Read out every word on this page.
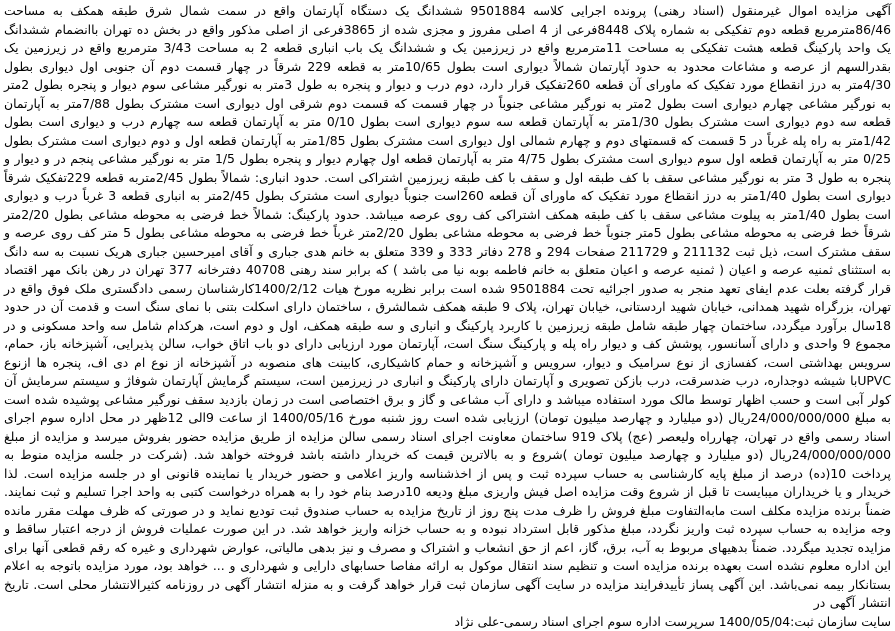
آگهی مزایده اموال غیرمنقول (اسناد رهنی) پرونده اجرایی کلاسه 9501884 ششدانگ یک دستگاه آپارتمان واقع در سمت شمال شرق طبقه همکف به مساحت 86/46مترمربع قطعه دوم تفکیکی به شماره پلاک 8448فرعی از 4 اصلی مفروز و مجزی شده از 3865فرعی از اصلی مذکور واقع در بخش ده تهران باانضمام ششدانگ یک واحد پارکینگ قطعه هشت تفکیکی به مساحت 11مترمربع واقع در زیرزمین یک و ششدانگ یک باب انباری قطعه 2 به مساحت 3/43 مترمربع واقع در زیرزمین یک بقدرالسهم از عرصه و مشاعات محدود به حدود آپارتمان شمالاً دیواری است بطول 10/65متر به قطعه 229 شرقاً در چهار قسمت دوم آن جنوبی اول دیواری بطول 4/30متر به درز انقطاع مورد تفکیک که ماورای آن قطعه 260تفکیک قرار دارد، دوم درب و دیوار و پنجره به طول 3متر به نورگیر مشاعی سوم دیوار و پنجره بطول 2متر به نورگیر مشاعی چهارم دیواری است بطول 2متر به نورگیر مشاعی جنوباً در چهار قسمت که قسمت دوم شرقی اول دیواری است مشترک بطول 7/88متر به آپارتمان قطعه سه دوم دیواری است مشترک بطول 1/30متر به آپارتمان قطعه سه سوم دیواری است بطول 0/10 متر به آپارتمان قطعه سه چهارم درب و دیواری است بطول 1/42متر به راه پله غرباً در 5 قسمت که قسمتهای دوم و چهارم شمالی اول دیواری است مشترک بطول 1/85متر به آپارتمان قطعه اول و دوم دیواری است مشترک بطول 0/25 متر به آپارتمان قطعه اول سوم دیواری است مشترک بطول 4/75 متر به آپارتمان قطعه اول چهارم دیوار و پنجره بطول 1/5 متر به نورگیر مشاعی پنجم در و دیوار و پنجره به طول 3 متر به نورگیر مشاعی سقف با کف طبقه اول و سقف با کف طبقه زیرزمین اشتراکی است. حدود انباری: شمالاً بطول 2/45متربه قطعه 229تفکیک شرقاً دیواری است بطول 1/40متر به درز انقطاع مورد تفکیک که ماورای آن قطعه 260است جنوباً دیواری است مشترک بطول 2/45متر به انباری قطعه 3 غرباً درب و دیواری است بطول 1/40متر به پیلوت مشاعی سقف با کف طبقه همکف اشتراکی کف روی عرصه میباشد. حدود پارکینگ: شمالاً خط فرضی به محوطه مشاعی بطول 2/20متر شرقاً خط فرضی به محوطه مشاعی بطول 5متر جنوباً خط فرضی به محوطه مشاعی بطول 2/20متر غرباً خط فرضی به محوطه مشاعی بطول 5 متر کف روی عرصه و سقف مشترک است، ذیل ثبت 211132 و 211729 صفحات 294 و 278 دفاتر 333 و 339 متعلق به خانم هدی جباری و آقای امیرحسین جباری هریک نسبت به سه دانگ به استثنای ثمنیه عرصه و اعیان ( ثمنیه عرصه و اعیان متعلق به خانم فاطمه بوبه نیا می باشد ) که برابر سند رهنی 40708 دفترخانه 377 تهران در رهن بانک مهر اقتصاد قرار گرفته بعلت عدم ایفای تعهد منجر به صدور اجرائیه تحت 9501884 شده است برابر نظریه مورخ هیات 1400/2/12کارشناسان رسمی دادگستری ملک فوق واقع در تهران، بزرگراه شهید همدانی، خیابان شهید اردستانی، خیابان تهران، پلاک 9 طبقه همکف شمالشرق ، ساختمان دارای اسکلت بتنی با نمای سنگ است و قدمت آن در حدود 18سال برآورد میگردد، ساختمان چهار طبقه شامل طبقه زیرزمین با کاربرد پارکینگ و انباری و سه طبقه همکف، اول و دوم است، هرکدام شامل سه واحد مسکونی و در مجموع 9 واحدی و دارای آسانسور، پوشش کف و دیوار راه پله و پارکینگ سنگ است، آپارتمان مورد ارزیابی دارای دو باب اتاق خواب، سالن پذیرایی، آشپزخانه باز، حمام، سرویس بهداشتی است، کفسازی از نوع سرامیک و دیوار، سرویس و آشپزخانه و حمام کاشیکاری، کابینت های منصوبه در آشپزخانه از نوع ام دی اف، پنجره ها ازنوع UPVCبا شیشه دوجداره، درب ضدسرقت، درب بازکن تصویری و آپارتمان دارای پارکینگ و انباری در زیرزمین است، سیستم گرمایش آپارتمان شوفاژ و سیستم سرمایش آن کولر آبی است و حسب اظهار توسط مالک مورد استفاده میباشد و دارای آب مشاعی و گاز و برق اختصاصی است در زمان بازدید سقف نورگیر مشاعی پوشیده شده است به مبلغ 24/000/000/000ریال (دو میلیارد و چهارصد میلیون تومان) ارزیابی شده است روز شنبه مورخ 1400/05/16 از ساعت 9الی 12ظهر در محل اداره سوم اجرای اسناد رسمی واقع در تهران، چهارراه ولیعصر (عج) پلاک 919 ساختمان معاونت اجرای اسناد رسمی سالن مزایده از طریق مزایده حضور بفروش میرسد و مزایده از مبلغ 24/000/000/000ریال (دو میلیارد و چهارصد میلیون تومان )شروع و به بالاترین قیمت که خریدار داشته باشد فروخته خواهد شد. (شرکت در جلسه مزایده منوط به پرداخت 10(ده) درصد از مبلغ پایه کارشناسی به حساب سپرده ثبت و پس از اخذشناسه واریز اعلامی و حضور خریدار یا نماینده قانونی او در جلسه مزایده است. لذا خریدار و یا خریداران میبایست تا قبل از شروع وقت مزایده اصل فیش واریزی مبلغ ودیعه 10درصد بنام خود را به همراه درخواست کتبی به واحد اجرا تسلیم و ثبت نمایند. ضمناً برنده مزایده مکلف است مابه‌التفاوت مبلغ فروش را ظرف مدت پنج روز از تاریخ مزایده به حساب صندوق ثبت تودیع نماید و در صورتی که ظرف مهلت مقرر مانده وجه مزایده به حساب سپرده ثبت واریز نگردد، مبلغ مذکور قابل استرداد نبوده و به حساب خزانه واریز خواهد شد. در این صورت عملیات فروش از درجه اعتبار ساقط و مزایده تجدید میگردد. ضمناً بدهیهای مربوط به آب، برق، گاز، اعم از حق انشعاب و اشتراک و مصرف و نیز بدهی مالیاتی، عوارض شهرداری و غیره که رقم قطعی آنها برای این اداره معلوم نشده است بعهده برنده مزایده است و تنظیم سند انتقال موکول به ارائه مفاصا حسابهای دارایی و شهرداری و ... خواهد بود، مورد مزایده باتوجه به اعلام بستانکار بیمه نمی‌باشد. این آگهی پساز تأییدفرایند مزایده در سایت آگهی سازمان ثبت قرار خواهد گرفت و به منزله انتشار آگهی در روزنامه کثیرالانتشار محلی است. تاریخ انتشار آگهی در

سایت سازمان ثبت:1400/05/04 سرپرست اداره سوم اجرای اسناد رسمی-علی نژاد
